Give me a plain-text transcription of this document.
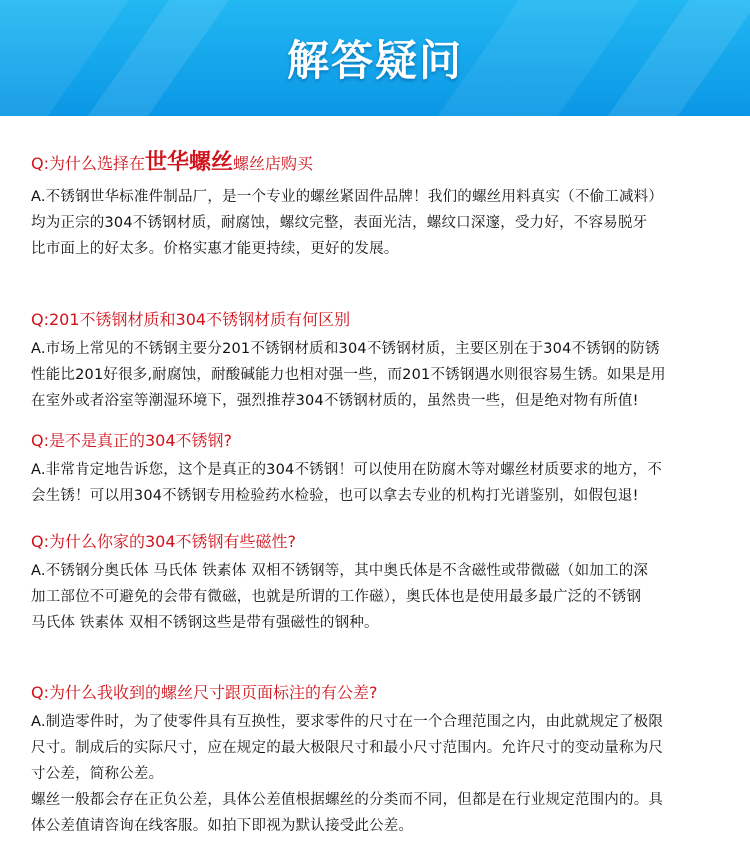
解答疑问
Q:为什么选择在世华螺丝螺丝店购买

A.不锈钢世华标准件制品厂，是一个专业的螺丝紧固件品牌！我们的螺丝用料真实（不偷工减料）

均为正宗的304不锈钢材质，耐腐蚀，螺纹完整，表面光洁，螺纹口深邃，受力好，不容易脱牙

比市面上的好太多。价格实惠才能更持续，更好的发展。

Q:201不锈钢材质和304不锈钢材质有何区别

A.市场上常见的不锈钢主要分201不锈钢材质和304不锈钢材质，主要区别在于304不锈钢的防锈

性能比201好很多,耐腐蚀，耐酸碱能力也相对强一些，而201不锈钢遇水则很容易生锈。如果是用

在室外或者浴室等潮湿环境下，强烈推荐304不锈钢材质的，虽然贵一些，但是绝对物有所值!

Q:是不是真正的304不锈钢?

A.非常肯定地告诉您，这个是真正的304不锈钢！可以使用在防腐木等对螺丝材质要求的地方，不

会生锈！可以用304不锈钢专用检验药水检验，也可以拿去专业的机构打光谱鉴别，如假包退!

Q:为什么你家的304不锈钢有些磁性?

A.不锈钢分奥氏体 马氏体 铁素体 双相不锈钢等，其中奥氏体是不含磁性或带微磁（如加工的深

加工部位不可避免的会带有微磁，也就是所谓的工作磁），奥氏体也是使用最多最广泛的不锈钢

马氏体 铁素体 双相不锈钢这些是带有强磁性的钢种。

Q:为什么我收到的螺丝尺寸跟页面标注的有公差?

A.制造零件时，为了使零件具有互换性，要求零件的尺寸在一个合理范围之内，由此就规定了极限

尺寸。制成后的实际尺寸，应在规定的最大极限尺寸和最小尺寸范围内。允许尺寸的变动量称为尺

寸公差，简称公差。

螺丝一般都会存在正负公差，具体公差值根据螺丝的分类而不同，但都是在行业规定范围内的。具

体公差值请咨询在线客服。如拍下即视为默认接受此公差。
